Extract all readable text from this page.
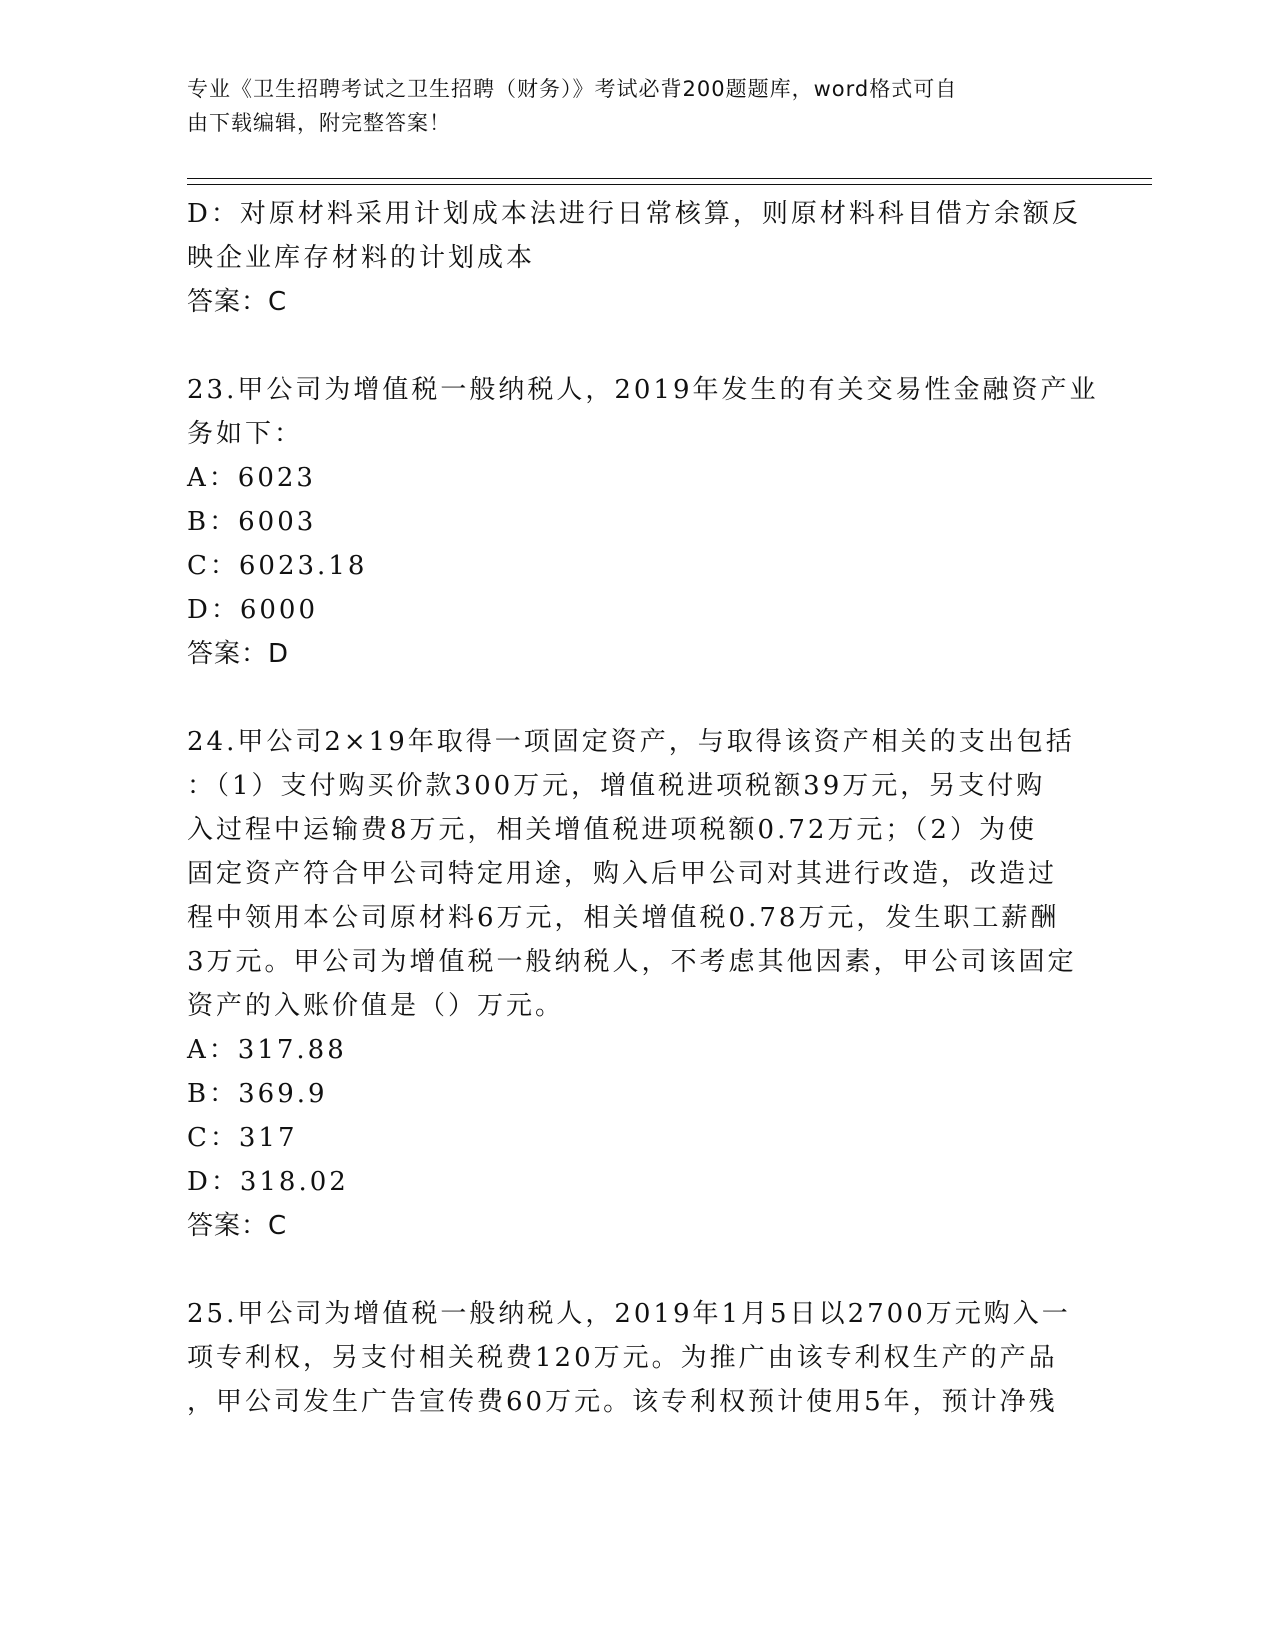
专业《卫生招聘考试之卫生招聘（财务）》考试必背200题题库，word格式可自
由下载编辑，附完整答案！
D：对原材料采用计划成本法进行日常核算，则原材料科目借方余额反
映企业库存材料的计划成本
答案：C
23.甲公司为增值税一般纳税人，2019年发生的有关交易性金融资产业
务如下：
A：6023
B：6003
C：6023.18
D：6000
答案：D
24.甲公司2×19年取得一项固定资产，与取得该资产相关的支出包括
：（1）支付购买价款300万元，增值税进项税额39万元，另支付购
入过程中运输费8万元，相关增值税进项税额0.72万元；（2）为使
固定资产符合甲公司特定用途，购入后甲公司对其进行改造，改造过
程中领用本公司原材料6万元，相关增值税0.78万元，发生职工薪酬
3万元。甲公司为增值税一般纳税人，不考虑其他因素，甲公司该固定
资产的入账价值是（）万元。
A：317.88
B：369.9
C：317
D：318.02
答案：C
25.甲公司为增值税一般纳税人，2019年1月5日以2700万元购入一
项专利权，另支付相关税费120万元。为推广由该专利权生产的产品
，甲公司发生广告宣传费60万元。该专利权预计使用5年，预计净残
